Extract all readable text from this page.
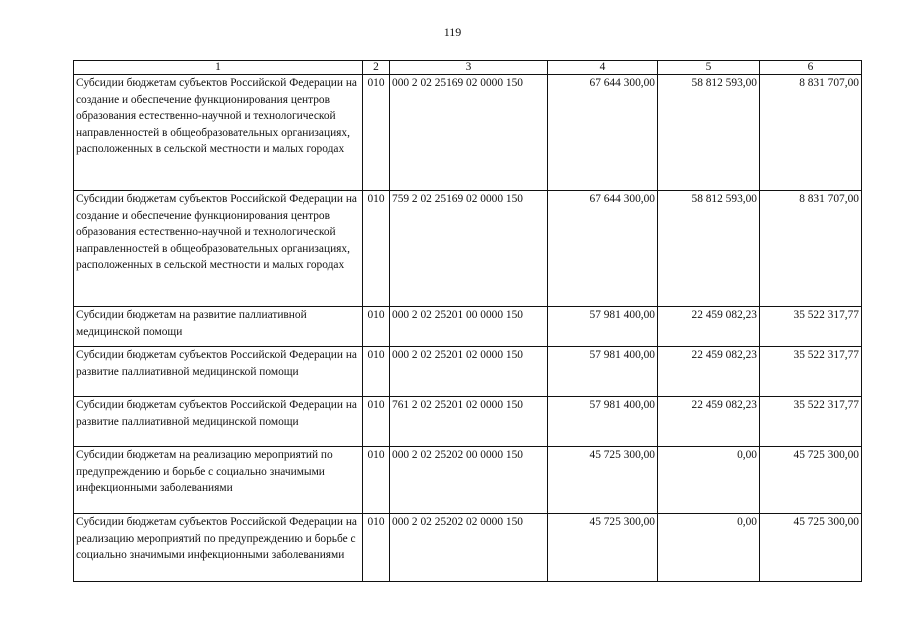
119
1	2	3	4	5	6
Субсидии бюджетам субъектов Российской Федерации на создание и обеспечение функционирования центров образования естественно-научной и технологической направленностей в общеобразовательных организациях, расположенных в сельской местности и малых городах	010	000 2 02 25169 02 0000 150	67 644 300,00	58 812 593,00	8 831 707,00
Субсидии бюджетам субъектов Российской Федерации на создание и обеспечение функционирования центров образования естественно-научной и технологической направленностей в общеобразовательных организациях, расположенных в сельской местности и малых городах	010	759 2 02 25169 02 0000 150	67 644 300,00	58 812 593,00	8 831 707,00
Субсидии бюджетам на развитие паллиативной медицинской помощи	010	000 2 02 25201 00 0000 150	57 981 400,00	22 459 082,23	35 522 317,77
Субсидии бюджетам субъектов Российской Федерации на развитие паллиативной медицинской помощи	010	000 2 02 25201 02 0000 150	57 981 400,00	22 459 082,23	35 522 317,77
Субсидии бюджетам субъектов Российской Федерации на развитие паллиативной медицинской помощи	010	761 2 02 25201 02 0000 150	57 981 400,00	22 459 082,23	35 522 317,77
Субсидии бюджетам на реализацию мероприятий по предупреждению и борьбе с социально значимыми инфекционными заболеваниями	010	000 2 02 25202 00 0000 150	45 725 300,00	0,00	45 725 300,00
Субсидии бюджетам субъектов Российской Федерации на реализацию мероприятий по предупреждению и борьбе с социально значимыми инфекционными заболеваниями	010	000 2 02 25202 02 0000 150	45 725 300,00	0,00	45 725 300,00
